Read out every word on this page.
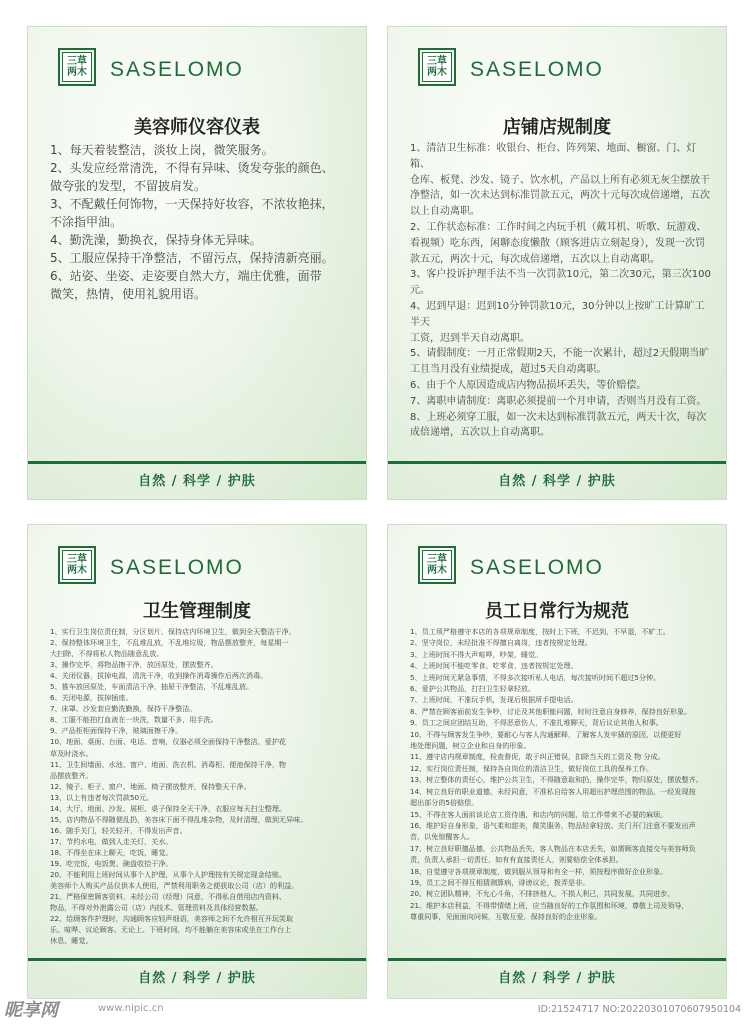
三草
两木 SASELOMO
美容师仪容仪表

1、每天着装整洁，淡妆上岗，微笑服务。

2、头发应经常清洗，不得有异味、烫发夸张的颜色、

做夸张的发型，不留披肩发。

3、不配戴任何饰物，一天保持好妆容，不浓妆艳抹，

不涂指甲油。

4、勤洗澡，勤换衣，保持身体无异味。

5、工服应保持干净整洁，不留污点，保持清新亮丽。

6、站姿、坐姿、走姿要自然大方，端庄优雅，面带

微笑，热情，使用礼貌用语。

自然 / 科学 / 护肤
三草
两木 SASELOMO
店铺店规制度

1、清洁卫生标准：收银台、柜台、阵列架、地面、橱窗、门、灯箱、

仓库、板凳、沙发、镜子、饮水机，产品以上所有必须无灰尘摆放干

净整洁，如一次未达到标准罚款五元，两次十元每次成倍递增，五次

以上自动离职。

2、工作状态标准：工作时间之内玩手机（戴耳机、听歌、玩游戏、

看视频）吃东西，闲聊态度懒散（顾客进店立刻起身），发现一次罚

款五元，两次十元，每次成倍递增，五次以上自动离职。

3、客户投诉护理手法不当一次罚款10元，第二次30元，第三次100元。

4、迟到早退：迟到10分钟罚款10元，30分钟以上按旷工计算旷工半天

工资，迟到半天自动离职。

5、请假制度：一月正常假期2天，不能一次累计，超过2天假期当旷

工且当月没有业绩提成，超过5天自动离职。

6、由于个人原因造成店内物品损坏丢失，等价赔偿。

7、离职申请制度：离职必须提前一个月申请，否则当月没有工资。

8、上班必须穿工服，如一次未达到标准罚款五元，两天十次，每次

成倍递增，五次以上自动离职。

自然 / 科学 / 护肤
三草
两木 SASELOMO
卫生管理制度

1、实行卫生岗位责任制，分区划片，保持店内环境卫生，做到全天整洁干净。

2、保持整体环境卫生，不乱堆乱放，不乱堆垃圾，物品摆放整齐，每星期一

大扫除，不得将私人物品随意乱放。

3、操作完毕，将物品擦干净，放回原处，摆放整齐。

4、关闭仪器，拔掉电源，清洗干净，收到操作消毒操作后两次消毒。

5、推车放回原处，车面清洁干净，抽屉干净整洁，不乱堆乱放。

6、关闭电源，拔掉插座。

7、床罩、沙发套应勤洗勤换，保持干净整洁。

8、工服不能拍打血液在一块洗，数量不多，用手洗。

9、产品柜柜面保持干净，玻璃面擦干净。

10、地面、桌面、台面、电话、音响，仪器必须全面保持干净整洁，爱护花

草及时浇水。

11、卫生间墙面、水池、窗户、地面、洗衣机、消毒柜、便池保持干净，物

品摆放整齐。

12、镜子、柜子、窗户、地面、椅子摆放整齐，保持整天干净。

13、以上有违者每次罚款50元。

14、大厅、地面、沙发、展柜、桌子保持全天干净，衣服应每天扫尘整理。

15、店内物品不得随便乱扔，美容床下面不得乱堆杂物，及时清理，做到无异味。

16、随手关门，轻关轻开，不得发出声音。

17、节约水电，做到人走关灯，关水。

18、不得坐在床上聊天，吃饭，睡觉。

19、吃完饭，电饭煲、碗盘收拾干净。

20、不能利用上班时间从事个人护理，从事个人护理按有关规定现金结账。

美容师个人购买产品仪供本人使用，严禁利用职务之便获取公司（店）的利益。

21、严格保密顾客资料，未经公司（经理）同意，不得私自借用店内资料、

物品，不得对外泄露公司（店）内技术、管理资料及具体经营数据。

22、给顾客作护理时，沟通顾客应轻声细语，美容师之间不允许相互开玩笑取

乐、喧哗、议论顾客。无论上、下班时间，均不能躺在美容床或坐在工作台上

休息、睡觉。

自然 / 科学 / 护肤
三草
两木 SASELOMO
员工日常行为规范

1、员工须严格遵守本店的各项规章制度，按时上下班，不迟到，不早退，不旷工。

2、坚守岗位，未经批准不得擅自离岗，违者按规定处理。

3、上班时间不得大声喧哗，吵架，睡觉。

4、上班时间不能吃零食、吃零食，违者按规定处理。

5、上班时间无紧急事情，不得多次接听私人电话，每次接听时间不超过5分钟。

6、爱护公共物品，打扫卫生轻拿轻放。

7、上班时间，不准玩手机，发现后根据所手提电话。

8、严禁在顾客面前发生争吵，讨论及其他职能问题，时时注意自身修养，保持良好形象。

9、员工之间应团结互助，不得恶意伤人，不准扎堆聊天，背后议论其他人和事。

10、不得与顾客发生争吵，要耐心与客人沟通解释，了解客人发牢骚的原因，以便更好

地处理问题，树立企业和自身的形象。

11、遵守店内规章制度，检查督促，敢于纠正错误，扣除当天的工资及 物 分成。

12、实行岗位责任制，保持各自岗位的清洁卫生，做好岗位工具的保养工作。

13、树立整体的责任心，维护公共卫生，不得随意取和扔，操作完毕，物归原处，摆放整齐。

14、树立良好的职业道德，未经同意，不准私自给客人用超出护理范围的物品，一经发现按

超出部分的5倍赔偿。

15、不得在客人面前谈论店工资待遇，和店内的问题，给工作带来不必要的麻烦。

16、维护好自身形象，语气柔和甜美，微笑服务，物品轻拿轻放。关门开门注意不要发出声

音，以免惊醒客人。

17、树立良好职德品德，公共物品丢失，客人物品在本店丢失，如需顾客直接交与美容师负

责，负责人承担一切责任，如有有直接责任人，则要赔偿全体承担。

18、自觉遵守各项规章制度，做到服从领导和有全一样，须按程序做好企业形象。

19、员工之间不得互相猜测算病，诽谤议论，拨弄是非。

20、树立团队精神，不允心斗角，不排挤他人，不损人利己，共同发展，共同进步。

21、维护本店利益，不得带情绪上班，应当随良好的工作氛围和环境，尊敬上司及领导，

尊重同事，见面面向问候，互敬互爱，保持良好的企业形象。

自然 / 科学 / 护肤
昵享网	www.nipic.cn	ID:21524717 NO:20220301070607950104
